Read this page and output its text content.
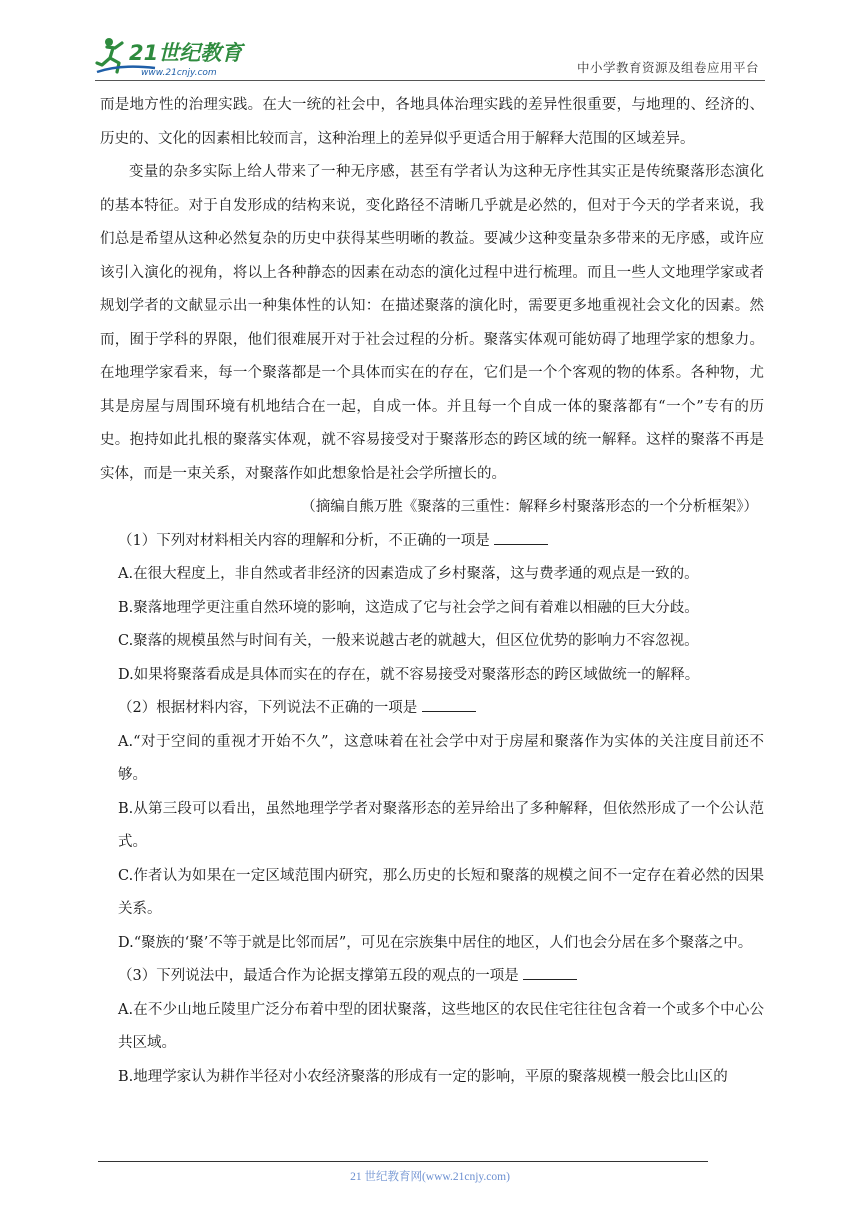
21世纪教育
www.21cnjy.com	中小学教育资源及组卷应用平台

而是地方性的治理实践。在大一统的社会中，各地具体治理实践的差异性很重要，与地理的、经济的、历史的、文化的因素相比较而言，这种治理上的差异似乎更适合用于解释大范围的区域差异。

变量的杂多实际上给人带来了一种无序感，甚至有学者认为这种无序性其实正是传统聚落形态演化的基本特征。对于自发形成的结构来说，变化路径不清晰几乎就是必然的，但对于今天的学者来说，我们总是希望从这种必然复杂的历史中获得某些明晰的教益。要减少这种变量杂多带来的无序感，或许应该引入演化的视角，将以上各种静态的因素在动态的演化过程中进行梳理。而且一些人文地理学家或者规划学者的文献显示出一种集体性的认知：在描述聚落的演化时，需要更多地重视社会文化的因素。然而，囿于学科的界限，他们很难展开对于社会过程的分析。聚落实体观可能妨碍了地理学家的想象力。在地理学家看来，每一个聚落都是一个具体而实在的存在，它们是一个个客观的物的体系。各种物，尤其是房屋与周围环境有机地结合在一起，自成一体。并且每一个自成一体的聚落都有“一个”专有的历史。抱持如此扎根的聚落实体观，就不容易接受对于聚落形态的跨区域的统一解释。这样的聚落不再是实体，而是一束关系，对聚落作如此想象恰是社会学所擅长的。

（摘编自熊万胜《聚落的三重性：解释乡村聚落形态的一个分析框架》）

（1）下列对材料相关内容的理解和分析，不正确的一项是

A.在很大程度上，非自然或者非经济的因素造成了乡村聚落，这与费孝通的观点是一致的。

B.聚落地理学更注重自然环境的影响，这造成了它与社会学之间有着难以相融的巨大分歧。

C.聚落的规模虽然与时间有关，一般来说越古老的就越大，但区位优势的影响力不容忽视。

D.如果将聚落看成是具体而实在的存在，就不容易接受对聚落形态的跨区域做统一的解释。

（2）根据材料内容，下列说法不正确的一项是

A.“对于空间的重视才开始不久”，这意味着在社会学中对于房屋和聚落作为实体的关注度目前还不够。

B.从第三段可以看出，虽然地理学学者对聚落形态的差异给出了多种解释，但依然形成了一个公认范式。

C.作者认为如果在一定区域范围内研究，那么历史的长短和聚落的规模之间不一定存在着必然的因果关系。

D.“聚族的‘聚’不等于就是比邻而居”，可见在宗族集中居住的地区，人们也会分居在多个聚落之中。

（3）下列说法中，最适合作为论据支撑第五段的观点的一项是

A.在不少山地丘陵里广泛分布着中型的团状聚落，这些地区的农民住宅往往包含着一个或多个中心公共区域。

B.地理学家认为耕作半径对小农经济聚落的形成有一定的影响，平原的聚落规模一般会比山区的

21 世纪教育网(www.21cnjy.com)
